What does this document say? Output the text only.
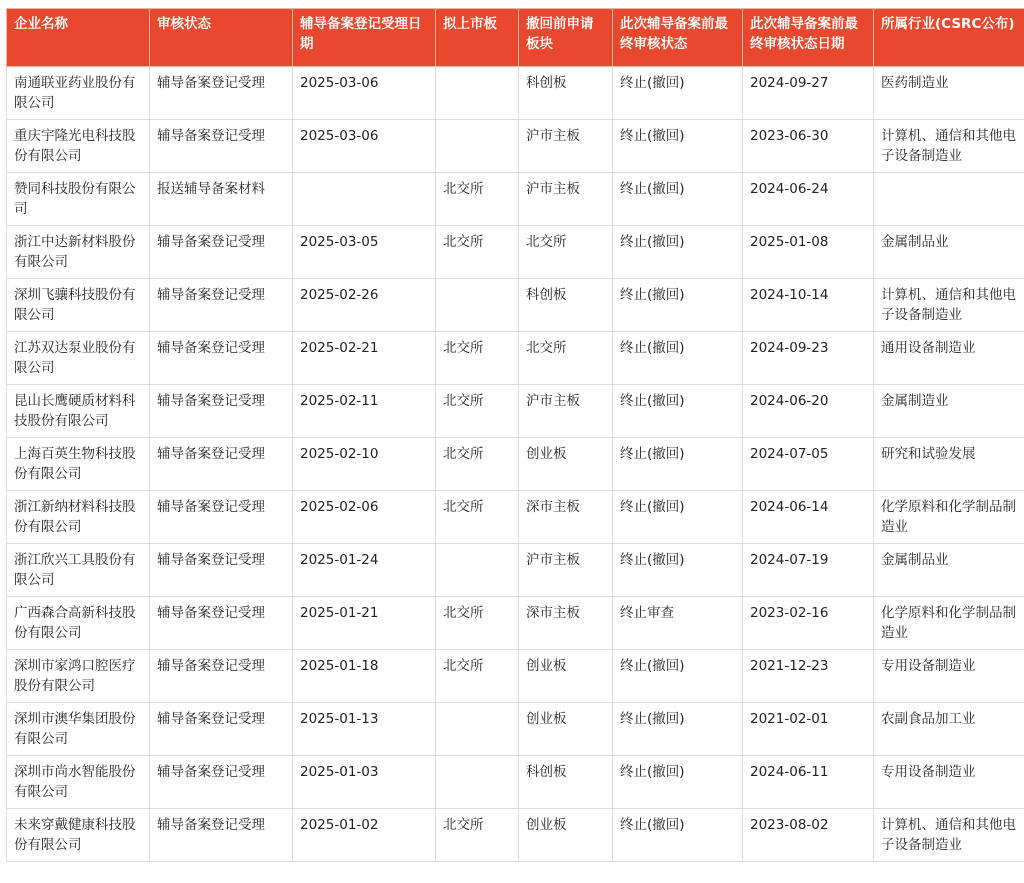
企业名称	审核状态	辅导备案登记受理日期	拟上市板	撤回前申请板块	此次辅导备案前最终审核状态	此次辅导备案前最终审核状态日期	所属行业(CSRC公布)
南通联亚药业股份有限公司	辅导备案登记受理	2025-03-06		科创板	终止(撤回)	2024-09-27	医药制造业
重庆宇隆光电科技股份有限公司	辅导备案登记受理	2025-03-06		沪市主板	终止(撤回)	2023-06-30	计算机、通信和其他电子设备制造业
赞同科技股份有限公司	报送辅导备案材料		北交所	沪市主板	终止(撤回)	2024-06-24	
浙江中达新材料股份有限公司	辅导备案登记受理	2025-03-05	北交所	北交所	终止(撤回)	2025-01-08	金属制品业
深圳飞骧科技股份有限公司	辅导备案登记受理	2025-02-26		科创板	终止(撤回)	2024-10-14	计算机、通信和其他电子设备制造业
江苏双达泵业股份有限公司	辅导备案登记受理	2025-02-21	北交所	北交所	终止(撤回)	2024-09-23	通用设备制造业
昆山长鹰硬质材料科技股份有限公司	辅导备案登记受理	2025-02-11	北交所	沪市主板	终止(撤回)	2024-06-20	金属制造业
上海百英生物科技股份有限公司	辅导备案登记受理	2025-02-10	北交所	创业板	终止(撤回)	2024-07-05	研究和试验发展
浙江新纳材料科技股份有限公司	辅导备案登记受理	2025-02-06	北交所	深市主板	终止(撤回)	2024-06-14	化学原料和化学制品制造业
浙江欣兴工具股份有限公司	辅导备案登记受理	2025-01-24		沪市主板	终止(撤回)	2024-07-19	金属制品业
广西森合高新科技股份有限公司	辅导备案登记受理	2025-01-21	北交所	深市主板	终止审查	2023-02-16	化学原料和化学制品制造业
深圳市家鸿口腔医疗股份有限公司	辅导备案登记受理	2025-01-18	北交所	创业板	终止(撤回)	2021-12-23	专用设备制造业
深圳市澳华集团股份有限公司	辅导备案登记受理	2025-01-13		创业板	终止(撤回)	2021-02-01	农副食品加工业
深圳市尚水智能股份有限公司	辅导备案登记受理	2025-01-03		科创板	终止(撤回)	2024-06-11	专用设备制造业
未来穿戴健康科技股份有限公司	辅导备案登记受理	2025-01-02	北交所	创业板	终止(撤回)	2023-08-02	计算机、通信和其他电子设备制造业
